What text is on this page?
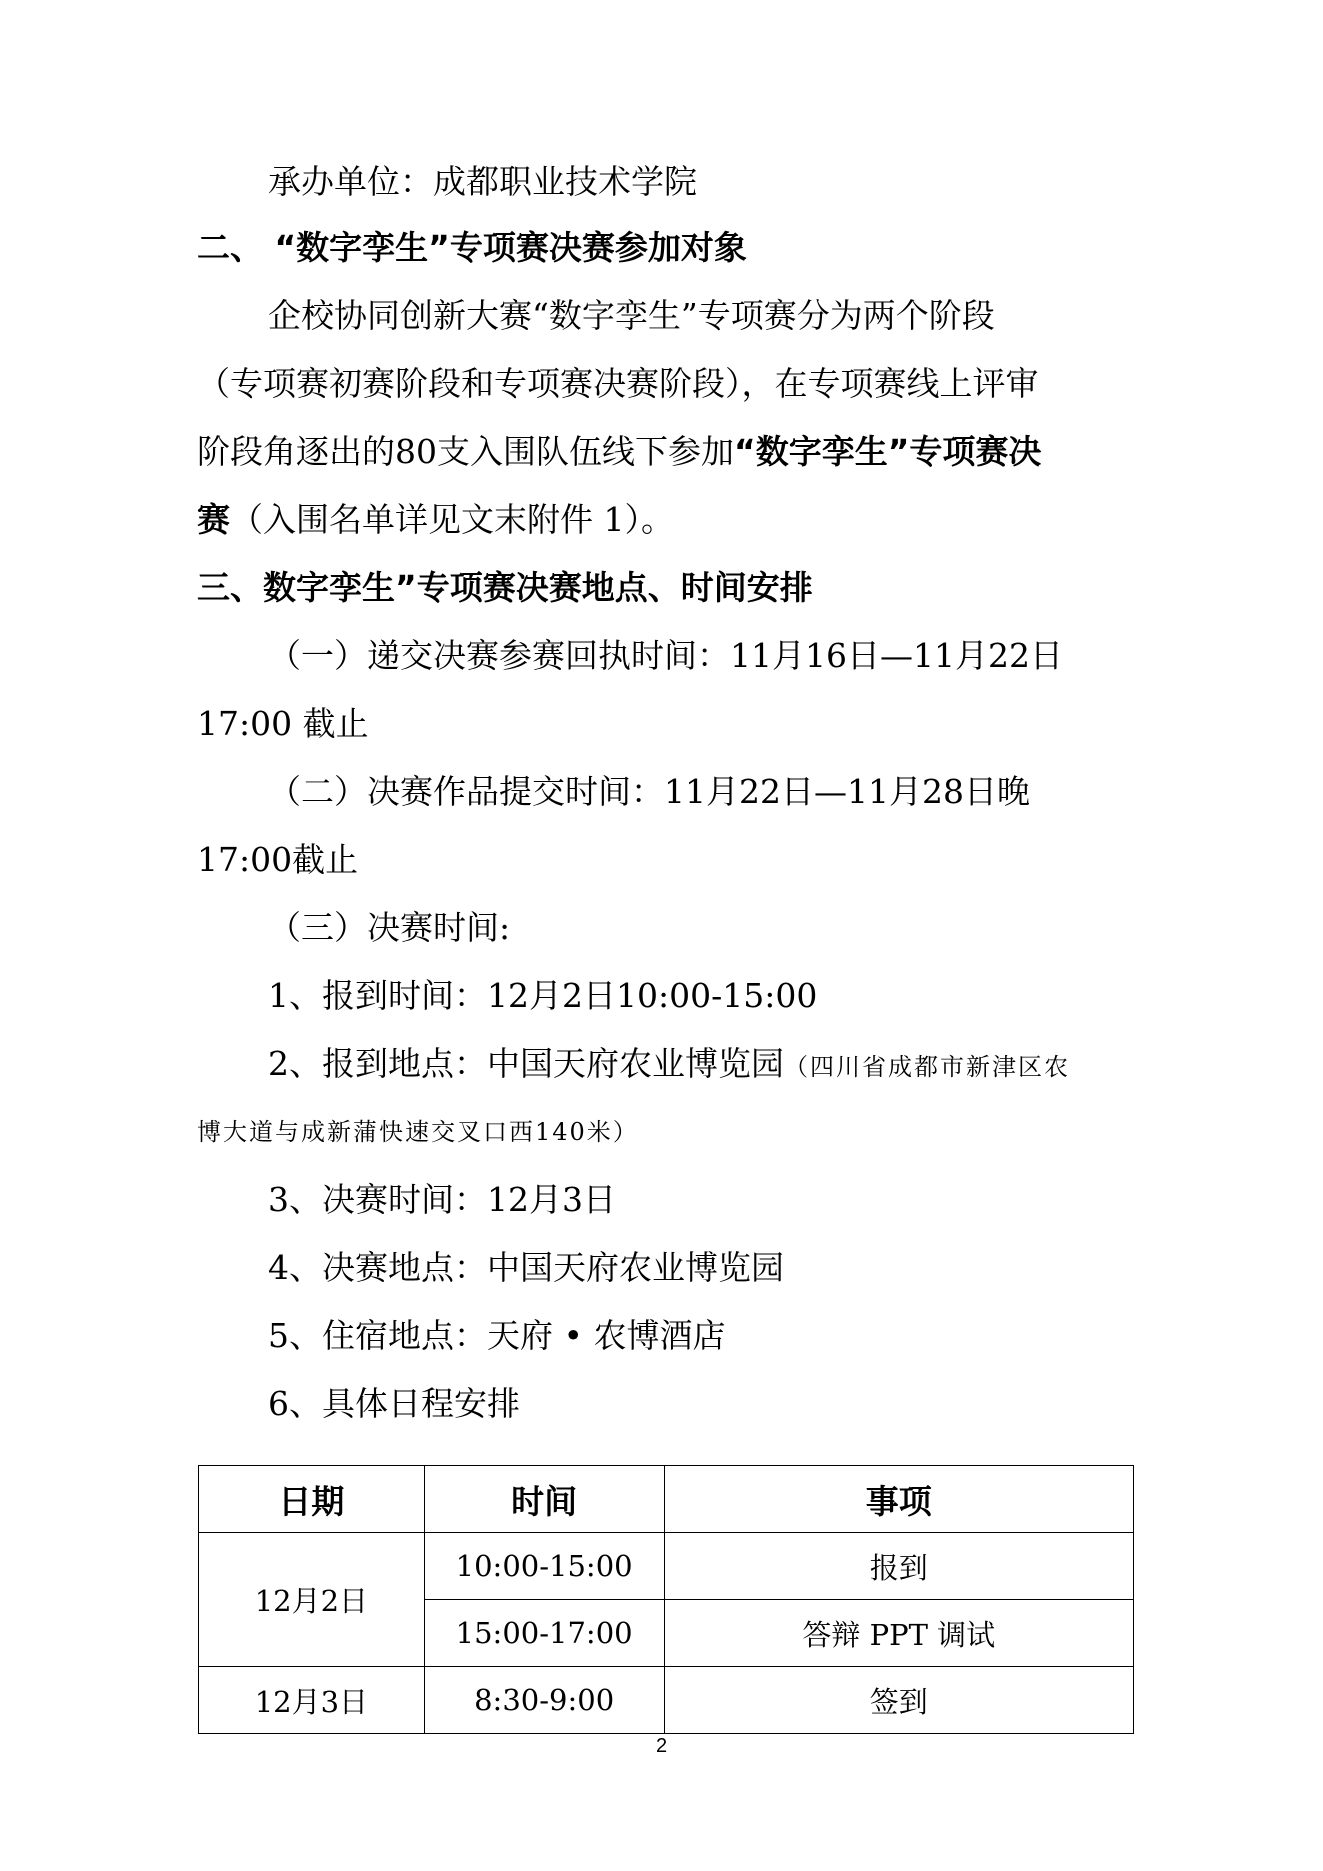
承办单位：成都职业技术学院
二、 “数字孪生”专项赛决赛参加对象
企校协同创新大赛“数字孪生”专项赛分为两个阶段
（专项赛初赛阶段和专项赛决赛阶段），在专项赛线上评审
阶段角逐出的80支入围队伍线下参加“数字孪生”专项赛决
赛（入围名单详见文末附件 1）。
三、数字孪生”专项赛决赛地点、时间安排
（一）递交决赛参赛回执时间：11月16日—11月22日
17:00 截止
（二）决赛作品提交时间：11月22日—11月28日晚
17:00截止
（三）决赛时间:
1、报到时间：12月2日10:00-15:00
2、报到地点：中国天府农业博览园（四川省成都市新津区农
博大道与成新蒲快速交叉口西140米）
3、决赛时间：12月3日
4、决赛地点：中国天府农业博览园
5、住宿地点：天府 • 农博酒店
6、具体日程安排
日期	时间	事项
12月2日	10:00-15:00	报到
	15:00-17:00	答辩 PPT 调试
12月3日	8:30-9:00	签到
2
